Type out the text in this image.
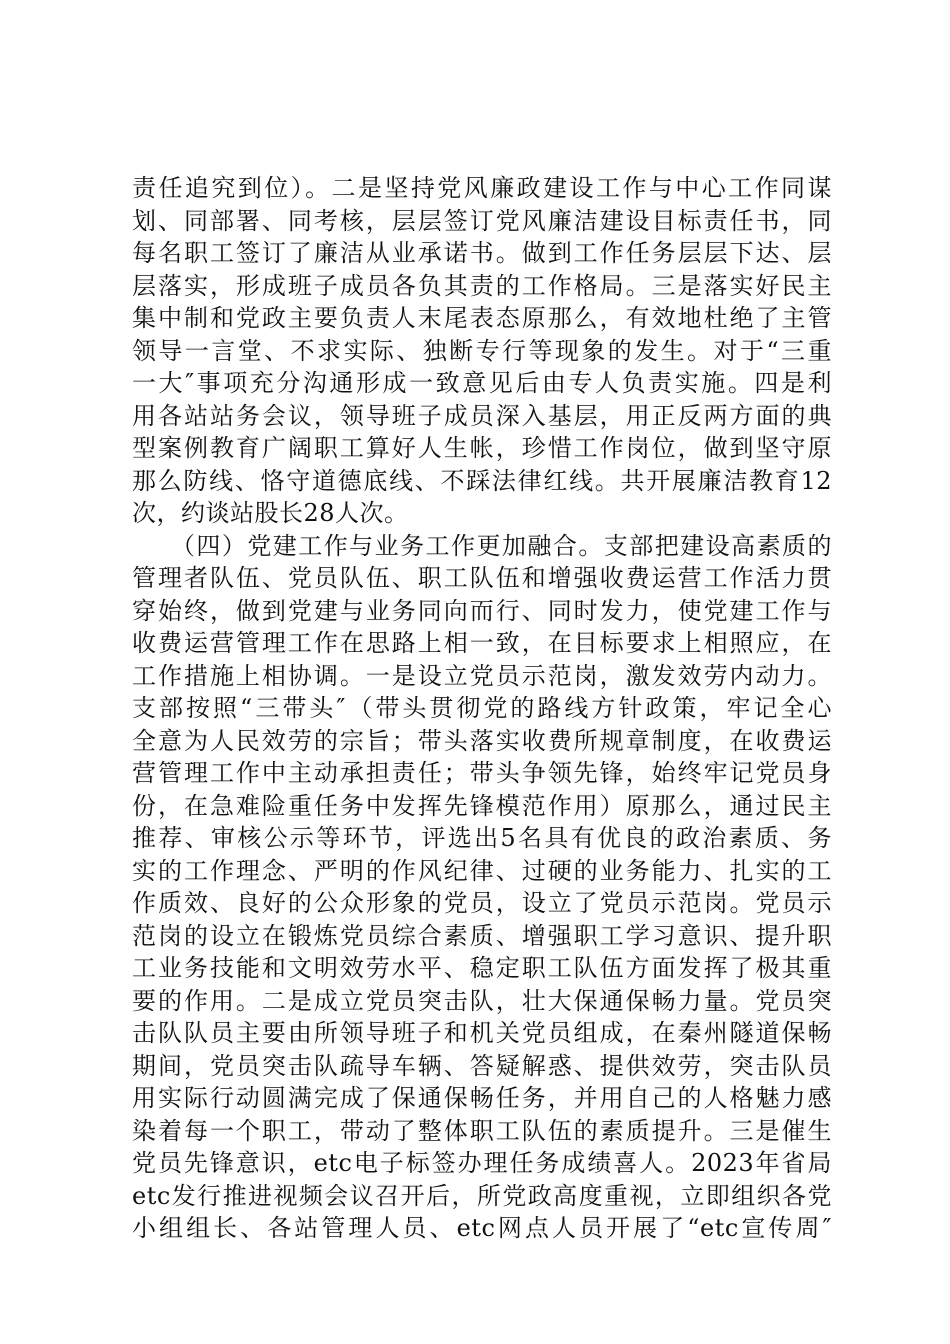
责任追究到位）。二是坚持党风廉政建设工作与中心工作同谋
划、同部署、同考核，层层签订党风廉洁建设目标责任书，同
每名职工签订了廉洁从业承诺书。做到工作任务层层下达、层
层落实，形成班子成员各负其责的工作格局。三是落实好民主
集中制和党政主要负责人末尾表态原那么，有效地杜绝了主管
领导一言堂、不求实际、独断专行等现象的发生。对于“三重
一大″事项充分沟通形成一致意见后由专人负责实施。四是利
用各站站务会议，领导班子成员深入基层，用正反两方面的典
型案例教育广阔职工算好人生帐，珍惜工作岗位，做到坚守原
那么防线、恪守道德底线、不踩法律红线。共开展廉洁教育12
次，约谈站股长28人次。
　　（四）党建工作与业务工作更加融合。支部把建设高素质的
管理者队伍、党员队伍、职工队伍和增强收费运营工作活力贯
穿始终，做到党建与业务同向而行、同时发力，使党建工作与
收费运营管理工作在思路上相一致，在目标要求上相照应，在
工作措施上相协调。一是设立党员示范岗，激发效劳内动力。
支部按照“三带头″（带头贯彻党的路线方针政策，牢记全心
全意为人民效劳的宗旨；带头落实收费所规章制度，在收费运
营管理工作中主动承担责任；带头争领先锋，始终牢记党员身
份，在急难险重任务中发挥先锋模范作用）原那么，通过民主
推荐、审核公示等环节，评选出5名具有优良的政治素质、务
实的工作理念、严明的作风纪律、过硬的业务能力、扎实的工
作质效、良好的公众形象的党员，设立了党员示范岗。党员示
范岗的设立在锻炼党员综合素质、增强职工学习意识、提升职
工业务技能和文明效劳水平、稳定职工队伍方面发挥了极其重
要的作用。二是成立党员突击队，壮大保通保畅力量。党员突
击队队员主要由所领导班子和机关党员组成，在秦州隧道保畅
期间，党员突击队疏导车辆、答疑解惑、提供效劳，突击队员
用实际行动圆满完成了保通保畅任务，并用自己的人格魅力感
染着每一个职工，带动了整体职工队伍的素质提升。三是催生
党员先锋意识，etc电子标签办理任务成绩喜人。2023年省局
etc发行推进视频会议召开后，所党政高度重视，立即组织各党
小组组长、各站管理人员、etc网点人员开展了“etc宣传周″
